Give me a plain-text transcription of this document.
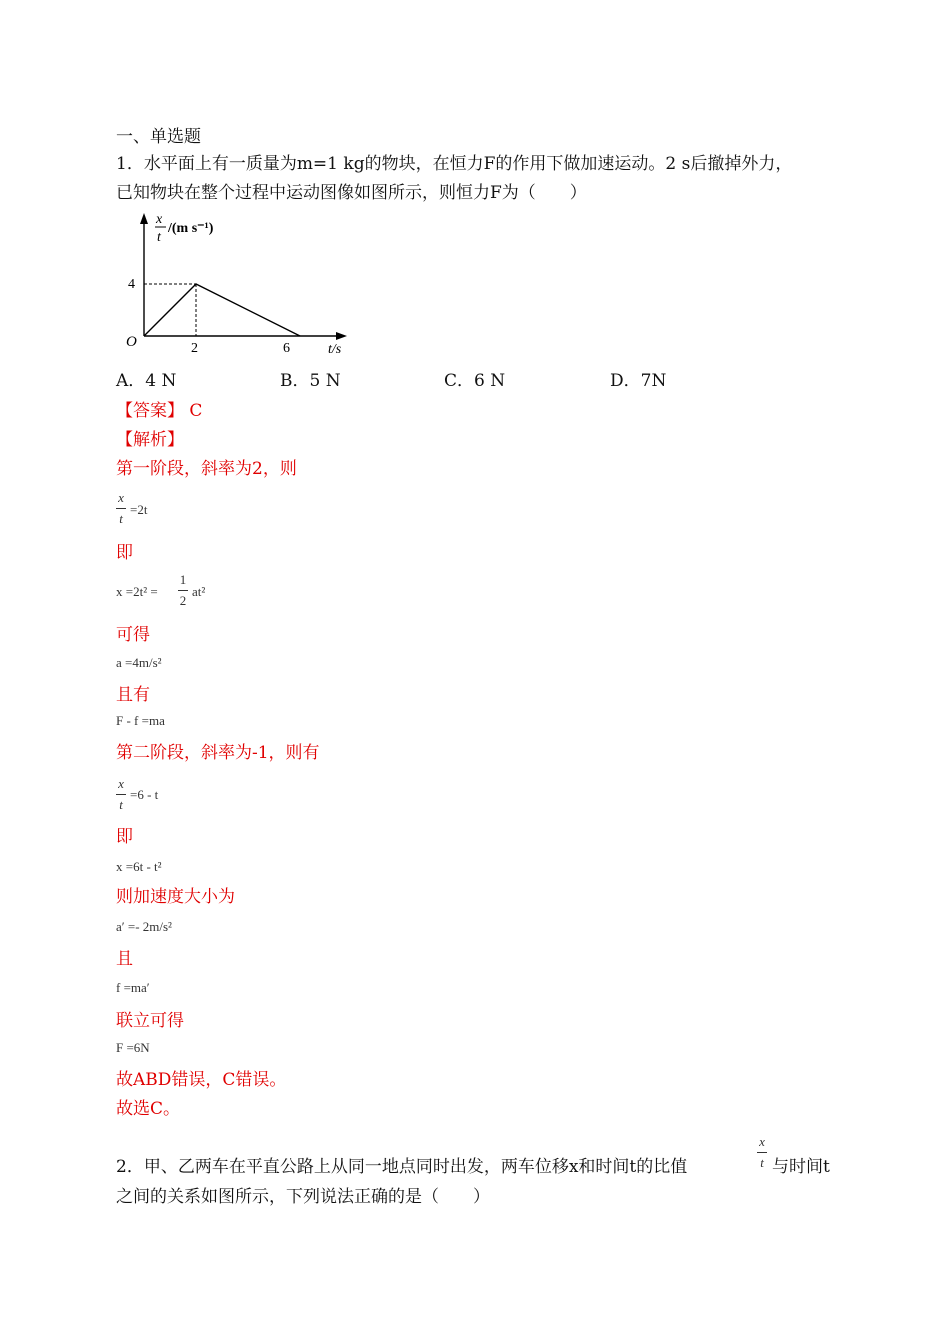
一、单选题
1．水平面上有一质量为m=1 kg的物块，在恒力F的作用下做加速运动。2 s后撤掉外力，
已知物块在整个过程中运动图像如图所示，则恒力F为（　　）
x
t
/(m s⁻¹)
4
O	2	6	t/s
A．4 N	B．5 N	C．6 N	D．7N
【答案】 C
【解析】
第一阶段，斜率为2，则
x
t
=2t
即
x =2t² =
1
2
at²
可得
a =4m/s²
且有
F - f =ma
第二阶段，斜率为-1，则有
x
t
=6 - t
即
x =6t - t²
则加速度大小为
a′ =- 2m/s²
且
f =ma′
联立可得
F =6N
故ABD错误，C错误。
故选C。
2．甲、乙两车在平直公路上从同一地点同时出发，两车位移x和时间t的比值
x
t 与时间t
之间的关系如图所示，下列说法正确的是（　　）
